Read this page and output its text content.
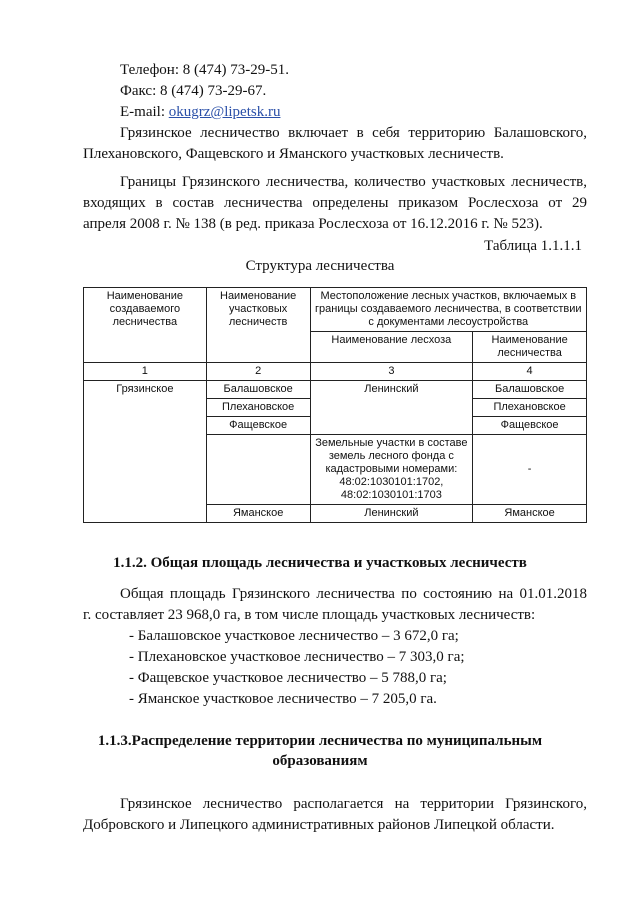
Телефон: 8 (474) 73-29-51.
Факс: 8 (474) 73-29-67.
E-mail: okugrz@lipetsk.ru
Грязинское лесничество включает в себя территорию Балашовского,
Плехановского, Фащевского и Яманского участковых лесничеств.
Границы Грязинского лесничества, количество участковых лесничеств,
входящих в состав лесничества определены приказом Рослесхоза от 29
апреля 2008 г. № 138 (в ред. приказа Рослесхоза от 16.12.2016 г. № 523).
Таблица 1.1.1.1
Структура лесничества
Наименование создаваемого лесничества	Наименование участковых лесничеств	Местоположение лесных участков, включаемых в границы создаваемого лесничества, в соответствии с документами лесоустройства	
		Наименование лесхоза	Наименование лесничества
1	2	3	4
Грязинское	Балашовское	Ленинский	Балашовское
	Плехановское		Плехановское
	Фащевское		Фащевское
		Земельные участки в составе земель лесного фонда с кадастровыми номерами: 48:02:1030101:1702, 48:02:1030101:1703	-
	Яманское	Ленинский	Яманское
1.1.2. Общая площадь лесничества и участковых лесничеств
Общая площадь Грязинского лесничества по состоянию на 01.01.2018
г. составляет 23 968,0 га, в том числе площадь участковых лесничеств:
- Балашовское участковое лесничество – 3 672,0 га;
- Плехановское участковое лесничество – 7 303,0 га;
- Фащевское участковое лесничество – 5 788,0 га;
- Яманское участковое лесничество – 7 205,0 га.
1.1.3.Распределение территории лесничества по муниципальным
образованиям
Грязинское лесничество располагается на территории Грязинского,
Добровского и Липецкого административных районов Липецкой области.
